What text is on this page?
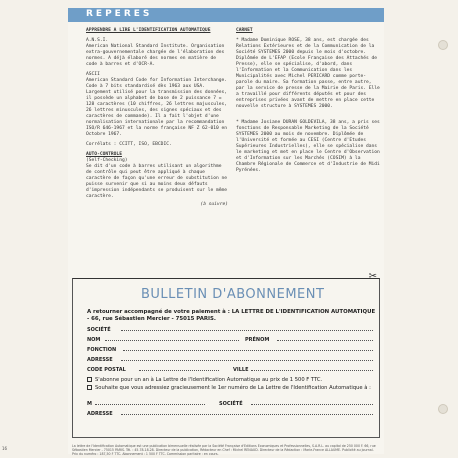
REPERES
APPRENDRE A LIRE L'IDENTIFICATION AUTOMATIQUE
A.N.S.I.
American National Standard Institute. Organisation extra-gouvernementale chargée de l'élaboration des normes. A déjà élaboré des normes en matière de code à barres et d'OCR-A.
ASCII
American Standard Code for Information Interchange. Code à 7 bits standardisé dès 1963 aux USA. Largement utilisé pour la transmission des données, il possède un alphabet de base de 2 puissance 7 = 128 caractères (10 chiffres, 26 lettres majuscules, 26 lettres minuscules, des signes spéciaux et des caractères de commande). Il a fait l'objet d'une normalisation internationale par la recommandation ISO/R 646-1967 et la norme française NF Z 62-010 en Octobre 1967.
Corrélats : CCITT, ISO, EBCDIC.
AUTO-CONTROLE
(Self-Checking)
Se dit d'un code à barres utilisant un algorithme de contrôle qui peut être appliqué à chaque caractère de façon qu'une erreur de substitution ne puisse survenir que si au moins deux défauts d'impression indépendants se produisent sur le même caractère.
(à suivre)
CARNET
* Madame Dominique ROSE, 38 ans, est chargée des Relations Extérieures et de la Communication de la Société SYSTEMES 2000 depuis le mois d'octobre. Diplômée de L'EFAP (Ecole Française des Attachés de Presse), elle se spécialise, d'abord, dans l'Information et la Communication dans les Municipalités avec Michel PERICARD comme porte-parole du maire. Sa formation passe, entre autre, par la service de presse de la Mairie de Paris. Elle a travaillé pour différents députés et pour des entreprises privées avant de mettre en place cette nouvelle structure à SYSTEMES 2000.
* Madame Josiane DURAN GOLDEVILA, 38 ans, a pris ses fonctions de Responsable Marketing de la Société SYSTEMES 2000 au mois de novembre. Diplômée de l'Université et formée au CESI (Centre d'Etudes Supérieures Industrielles), elle se spécialise dans le marketing et met en place le Centre d'Observation et d'Information sur les Marchés (COSIM) à la Chambre Régionale de Commerce et d'Industrie de Midi Pyrénées.
✂
BULLETIN D'ABONNEMENT
A retourner accompagné de votre paiement à : LA LETTRE DE L'IDENTIFICATION AUTOMATIQUE - 66, rue Sébastien Mercier - 75015 PARIS.
SOCIÉTÉ
NOM	PRÉNOM
FONCTION
ADRESSE
CODE POSTAL	VILLE
S'abonne pour un an à La Lettre de l'Identification Automatique au prix de 1 500 F TTC.
Souhaite que vous adressiez gracieusement le 1er numéro de La Lettre de l'Identification Automatique à :
M	SOCIÉTÉ
ADRESSE
La lettre de l'Identification Automatique est une publication bimensuelle réalisée par la Société Française d'Editions Economiques et Professionnelles, S.A.R.L. au capital de 250 000 F. 66, rue Sébastien Mercier - 75015 PARIS. Tél. : 45.78.18.28. Directeur de la publication, Rédacteur en Chef : Michel RENAUD. Directeur de la Rédaction : Marie-France ALLAUME. Publicité au journal. Prix du numéro : 187,50 F TTC. Abonnement : 1 500 F TTC. Commission paritaire : en cours.
16
